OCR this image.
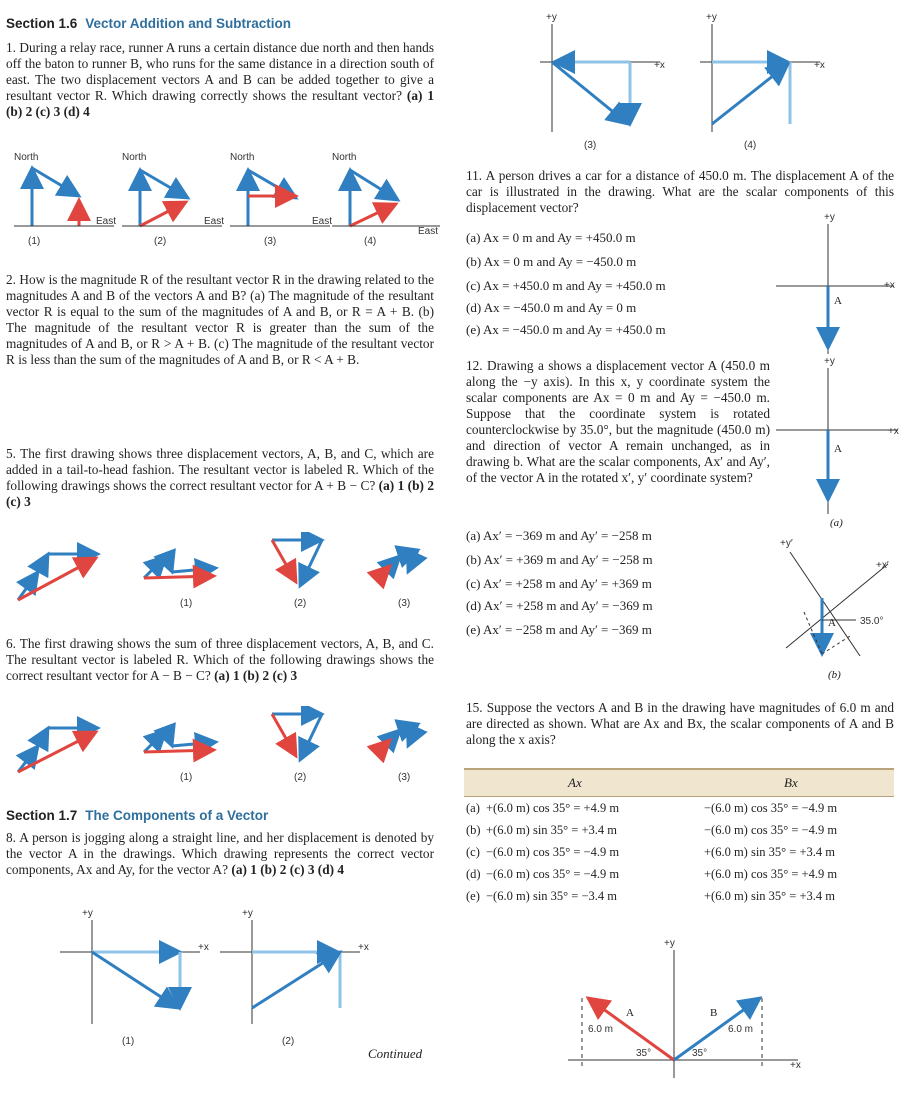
Section 1.6 Vector Addition and Subtraction
1. During a relay race, runner A runs a certain distance due north and then hands off the baton to runner B, who runs for the same distance in a direction south of east. The two displacement vectors A and B can be added together to give a resultant vector R. Which drawing correctly shows the resultant vector? (a) 1 (b) 2 (c) 3 (d) 4
North
East
(1)
North
East
(2)
North
East
(3)
North
East
(4)
2. How is the magnitude R of the resultant vector R in the drawing related to the magnitudes A and B of the vectors A and B? (a) The magnitude of the resultant vector R is equal to the sum of the magnitudes of A and B, or R = A + B. (b) The magnitude of the resultant vector R is greater than the sum of the magnitudes of A and B, or R > A + B. (c) The magnitude of the resultant vector R is less than the sum of the magnitudes of A and B, or R < A + B.
5. The first drawing shows three displacement vectors, A, B, and C, which are added in a tail-to-head fashion. The resultant vector is labeled R. Which of the following drawings shows the correct resultant vector for A + B − C? (a) 1 (b) 2 (c) 3
(1)	(2)	(3)
6. The first drawing shows the sum of three displacement vectors, A, B, and C. The resultant vector is labeled R. Which of the following drawings shows the correct resultant vector for A − B − C? (a) 1 (b) 2 (c) 3
(1)	(2)	(3)
Section 1.7 The Components of a Vector
8. A person is jogging along a straight line, and her displacement is denoted by the vector A in the drawings. Which drawing represents the correct vector components, Ax and Ay, for the vector A? (a) 1 (b) 2 (c) 3 (d) 4
+y
+x
(1)
+y
+x
(2)
Continued
+y
+x
(3)
+y
+x
(4)
11. A person drives a car for a distance of 450.0 m. The displacement A of the car is illustrated in the drawing. What are the scalar components of this displacement vector?
(a) Ax = 0 m and Ay = +450.0 m
(b) Ax = 0 m and Ay = −450.0 m
(c) Ax = +450.0 m and Ay = +450.0 m
(d) Ax = −450.0 m and Ay = 0 m
(e) Ax = −450.0 m and Ay = +450.0 m
+y
+x
A
12. Drawing a shows a displacement vector A (450.0 m along the −y axis). In this x, y coordinate system the scalar components are Ax = 0 m and Ay = −450.0 m. Suppose that the coordinate system is rotated counterclockwise by 35.0°, but the magnitude (450.0 m) and direction of vector A remain unchanged, as in drawing b. What are the scalar components, Ax′ and Ay′, of the vector A in the rotated x′, y′ coordinate system?
(a) Ax′ = −369 m and Ay′ = −258 m
(b) Ax′ = +369 m and Ay′ = −258 m
(c) Ax′ = +258 m and Ay′ = +369 m
(d) Ax′ = +258 m and Ay′ = −369 m
(e) Ax′ = −258 m and Ay′ = −369 m
+y
+x
A
(a)
+y′
+x′
A 35.0°
(b)
15. Suppose the vectors A and B in the drawing have magnitudes of 6.0 m and are directed as shown. What are Ax and Bx, the scalar components of A and B along the x axis?
Ax	Bx
(a) +(6.0 m) cos 35° = +4.9 m	−(6.0 m) cos 35° = −4.9 m
(b) +(6.0 m) sin 35° = +3.4 m	−(6.0 m) cos 35° = −4.9 m
(c) −(6.0 m) cos 35° = −4.9 m	+(6.0 m) sin 35° = +3.4 m
(d) −(6.0 m) cos 35° = −4.9 m	+(6.0 m) cos 35° = +4.9 m
(e) −(6.0 m) sin 35° = −3.4 m	+(6.0 m) sin 35° = +3.4 m
+y
+x
A	B
6.0 m	6.0 m
35°	35°
